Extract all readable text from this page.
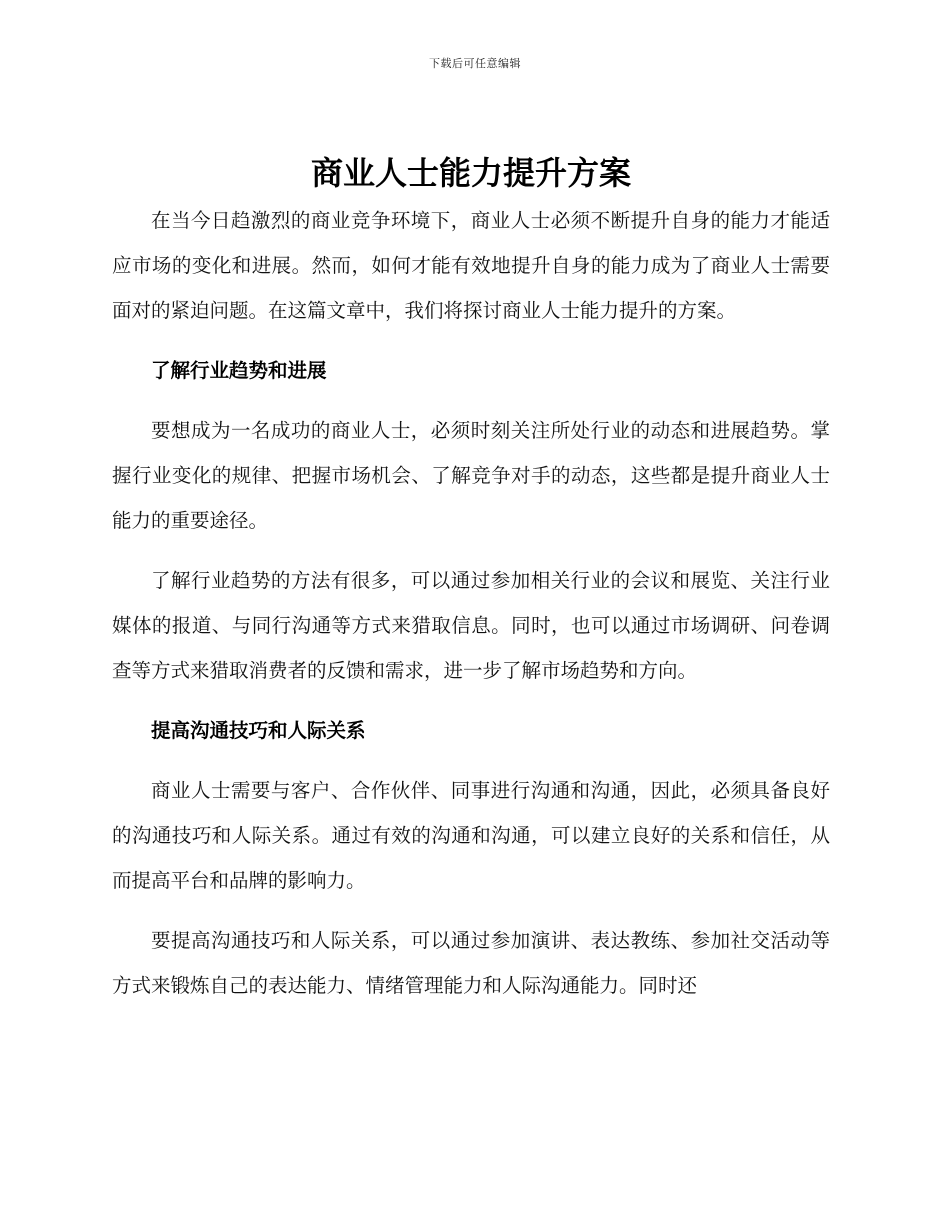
下载后可任意编辑
商业人士能力提升方案

在当今日趋激烈的商业竞争环境下，商业人士必须不断提升自身的能力才能适应市场的变化和进展。然而，如何才能有效地提升自身的能力成为了商业人士需要面对的紧迫问题。在这篇文章中，我们将探讨商业人士能力提升的方案。

了解行业趋势和进展

要想成为一名成功的商业人士，必须时刻关注所处行业的动态和进展趋势。掌握行业变化的规律、把握市场机会、了解竞争对手的动态，这些都是提升商业人士能力的重要途径。

了解行业趋势的方法有很多，可以通过参加相关行业的会议和展览、关注行业媒体的报道、与同行沟通等方式来猎取信息。同时，也可以通过市场调研、问卷调查等方式来猎取消费者的反馈和需求，进一步了解市场趋势和方向。

提高沟通技巧和人际关系

商业人士需要与客户、合作伙伴、同事进行沟通和沟通，因此，必须具备良好的沟通技巧和人际关系。通过有效的沟通和沟通，可以建立良好的关系和信任，从而提高平台和品牌的影响力。

要提高沟通技巧和人际关系，可以通过参加演讲、表达教练、参加社交活动等方式来锻炼自己的表达能力、情绪管理能力和人际沟通能力。同时还
